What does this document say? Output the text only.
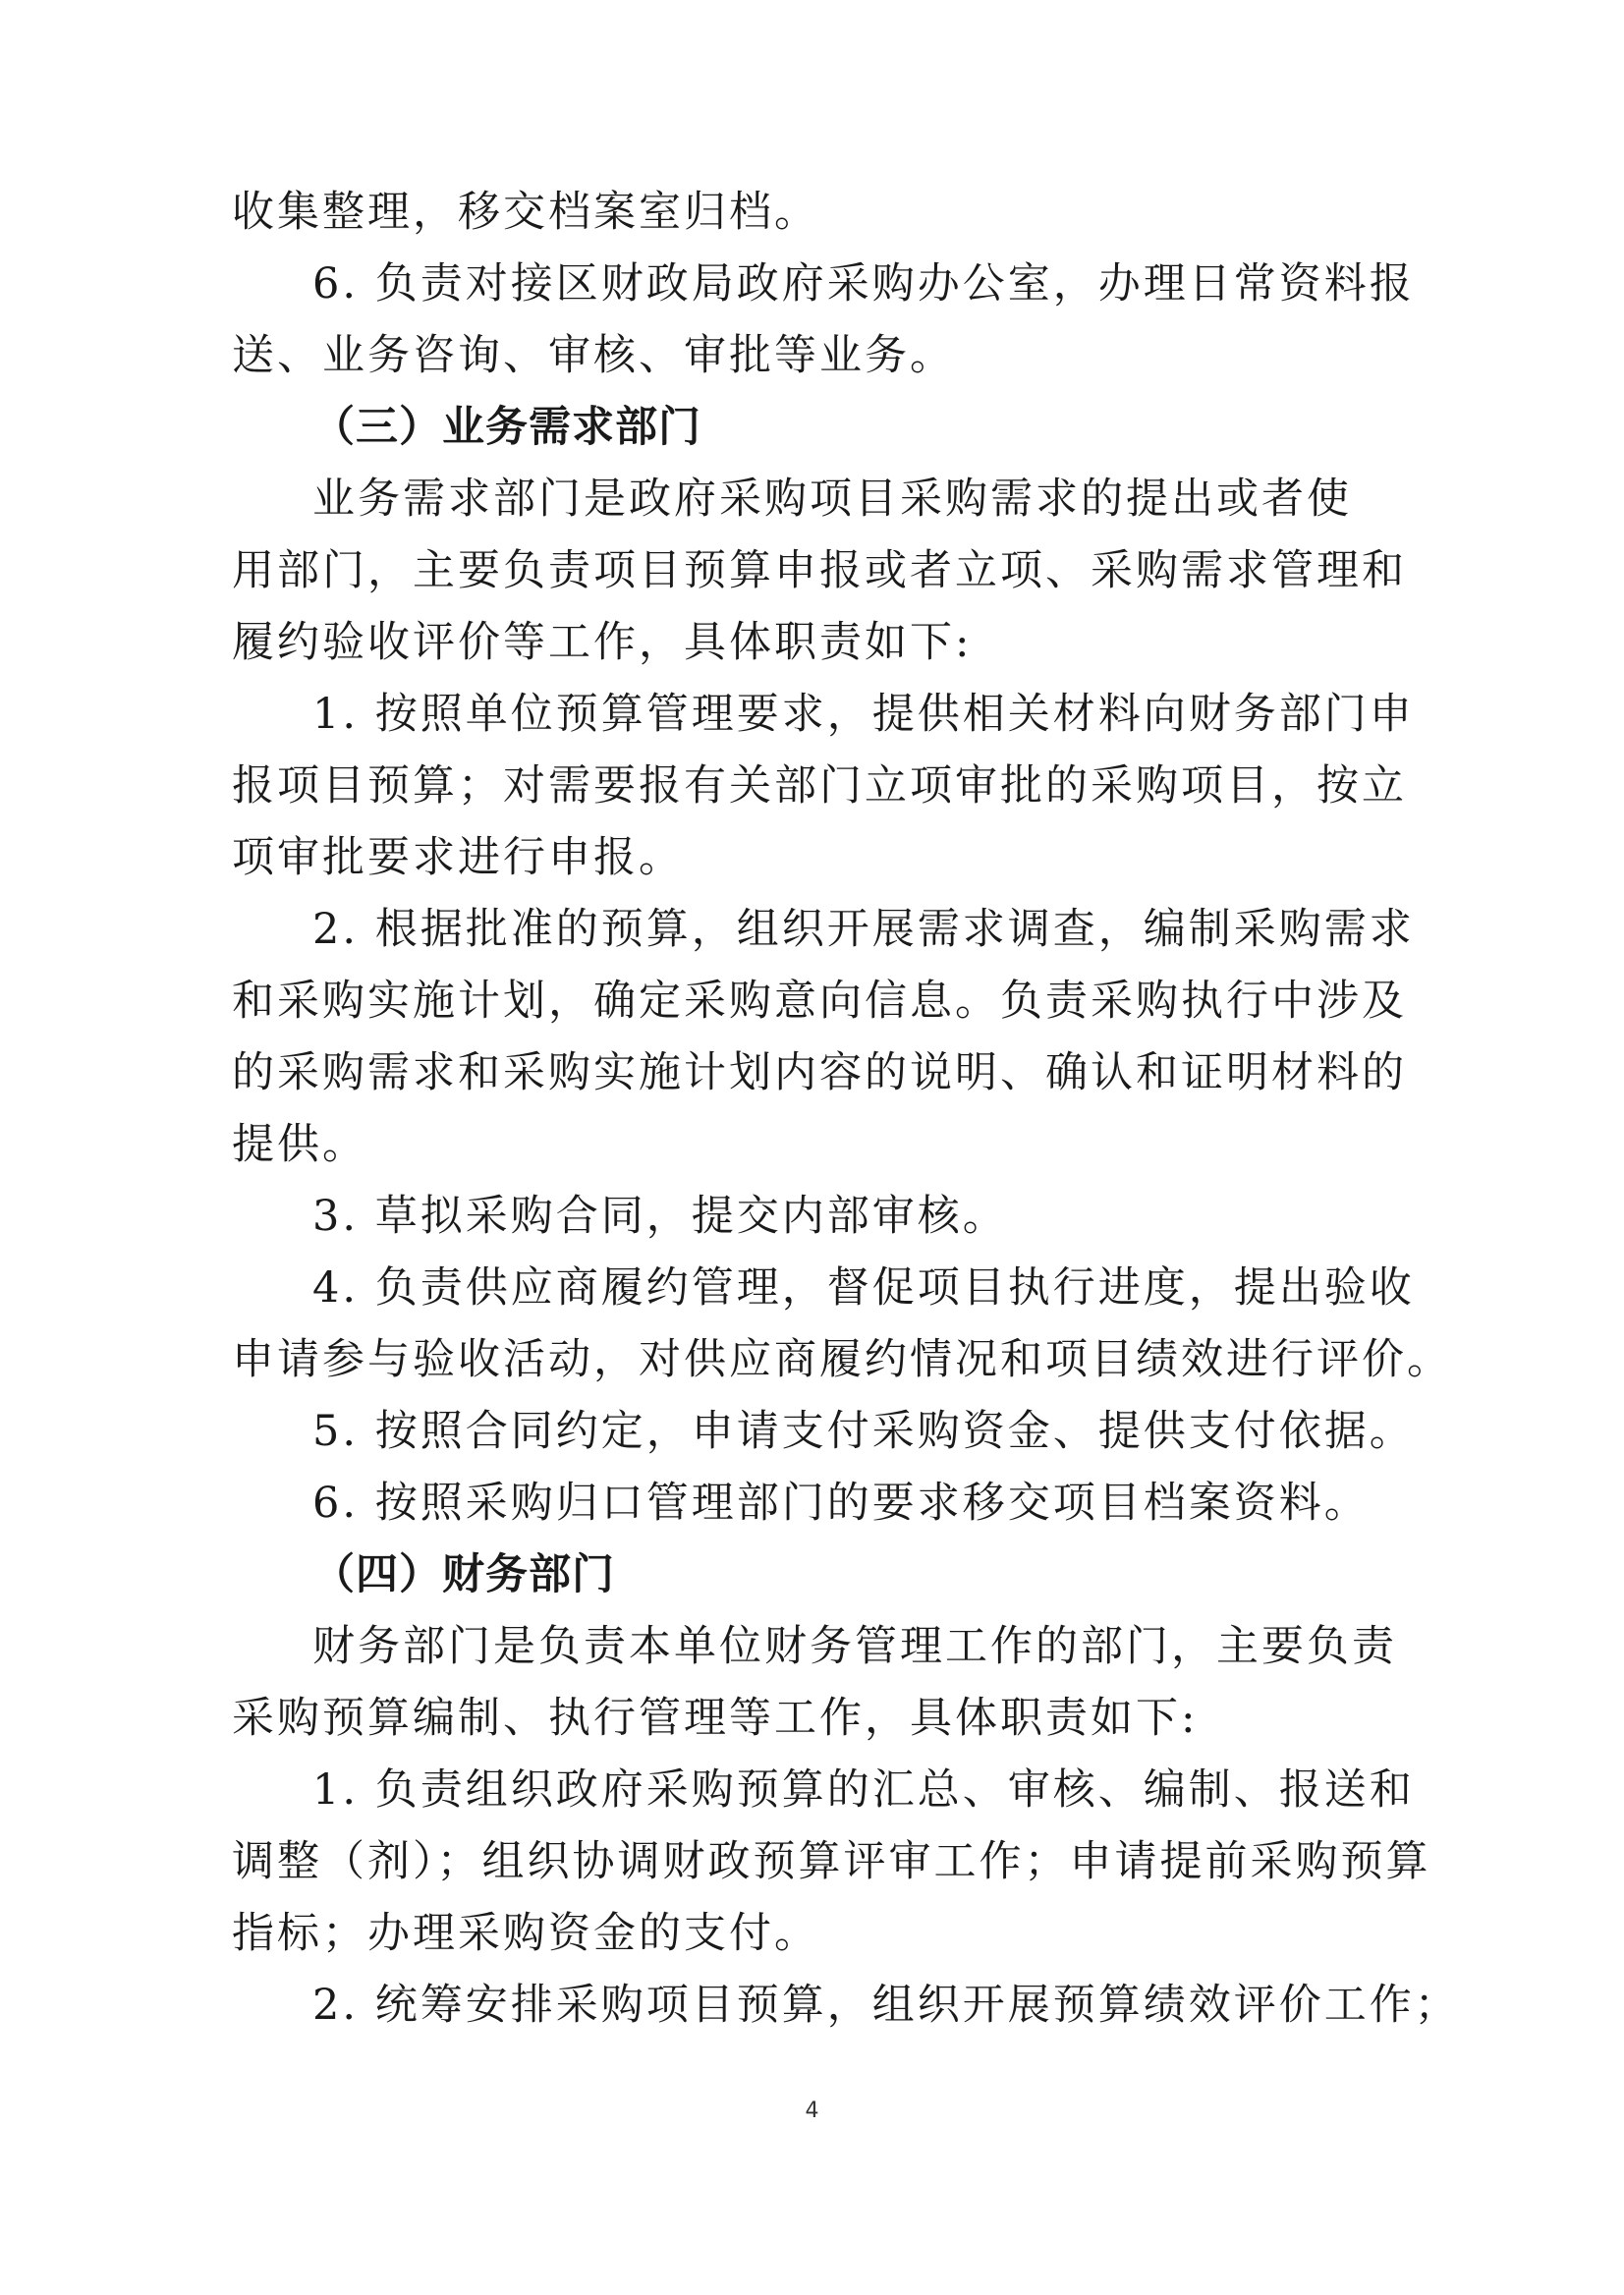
收集整理，移交档案室归档。
6. 负责对接区财政局政府采购办公室，办理日常资料报
送、业务咨询、审核、审批等业务。
（三）业务需求部门
业务需求部门是政府采购项目采购需求的提出或者使
用部门，主要负责项目预算申报或者立项、采购需求管理和
履约验收评价等工作，具体职责如下:
1. 按照单位预算管理要求，提供相关材料向财务部门申
报项目预算；对需要报有关部门立项审批的采购项目，按立
项审批要求进行申报。
2. 根据批准的预算，组织开展需求调查，编制采购需求
和采购实施计划，确定采购意向信息。负责采购执行中涉及
的采购需求和采购实施计划内容的说明、确认和证明材料的
提供。
3. 草拟采购合同，提交内部审核。
4. 负责供应商履约管理，督促项目执行进度，提出验收
申请参与验收活动，对供应商履约情况和项目绩效进行评价。
5. 按照合同约定，申请支付采购资金、提供支付依据。
6. 按照采购归口管理部门的要求移交项目档案资料。
（四）财务部门
财务部门是负责本单位财务管理工作的部门，主要负责
采购预算编制、执行管理等工作，具体职责如下:
1. 负责组织政府采购预算的汇总、审核、编制、报送和
调整（剂）；组织协调财政预算评审工作；申请提前采购预算
指标；办理采购资金的支付。
2. 统筹安排采购项目预算，组织开展预算绩效评价工作；
4
